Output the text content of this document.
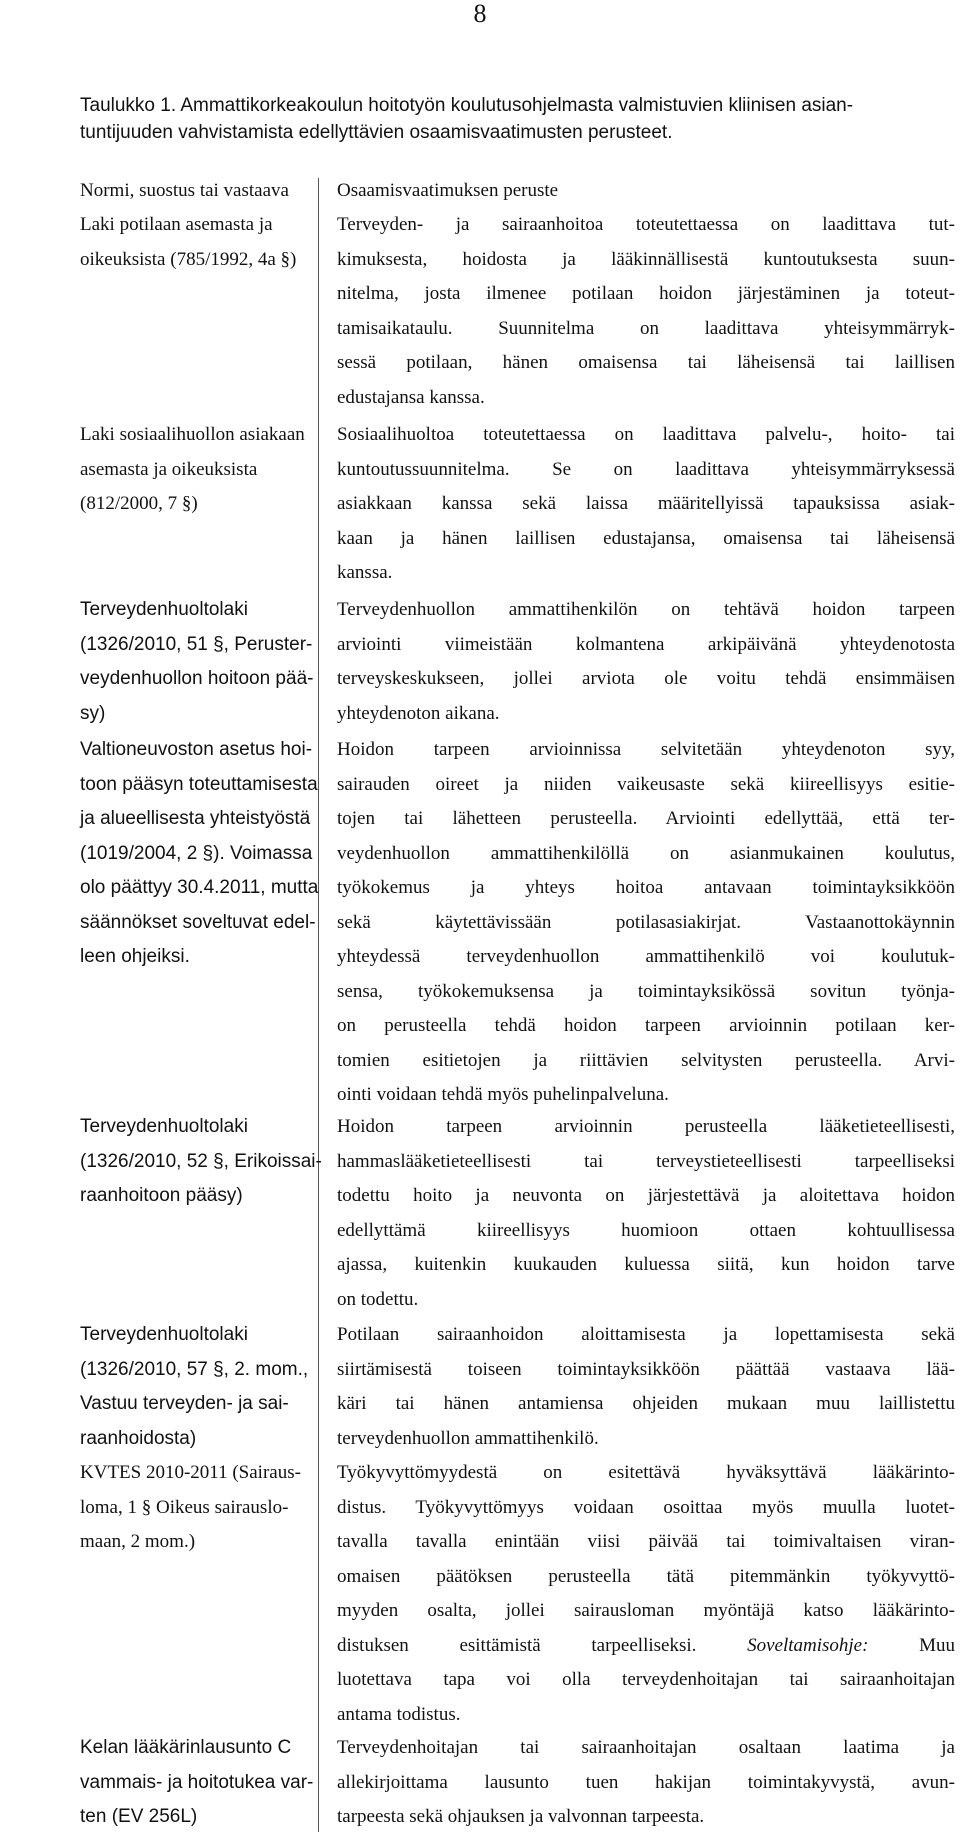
8
Taulukko 1. Ammattikorkeakoulun hoitotyön koulutusohjelmasta valmistuvien kliinisen asian-
tuntijuuden vahvistamista edellyttävien osaamisvaatimusten perusteet.
Normi, suostus tai vastaava	Osaamisvaatimuksen peruste
Laki potilaan asemasta ja
oikeuksista (785/1992, 4a §)
Terveyden- ja sairaanhoitoa toteutettaessa on laadittava tut-
kimuksesta, hoidosta ja lääkinnällisestä kuntoutuksesta suun-
nitelma, josta ilmenee potilaan hoidon järjestäminen ja toteut-
tamisaikataulu. Suunnitelma on laadittava yhteisymmärryk-
sessä potilaan, hänen omaisensa tai läheisensä tai laillisen
edustajansa kanssa.
Laki sosiaalihuollon asiakaan
asemasta ja oikeuksista
(812/2000, 7 §)
Sosiaalihuoltoa toteutettaessa on laadittava palvelu-, hoito- tai
kuntoutussuunnitelma. Se on laadittava yhteisymmärryksessä
asiakkaan kanssa sekä laissa määritellyissä tapauksissa asiak-
kaan ja hänen laillisen edustajansa, omaisensa tai läheisensä
kanssa.
Terveydenhuoltolaki
(1326/2010, 51 §, Peruster-
veydenhuollon hoitoon pää-
sy)
Terveydenhuollon ammattihenkilön on tehtävä hoidon tarpeen
arviointi viimeistään kolmantena arkipäivänä yhteydenotosta
terveyskeskukseen, jollei arviota ole voitu tehdä ensimmäisen
yhteydenoton aikana.
Valtioneuvoston asetus hoi-
toon pääsyn toteuttamisesta
ja alueellisesta yhteistyöstä
(1019/2004, 2 §). Voimassa
olo päättyy 30.4.2011, mutta
säännökset soveltuvat edel-
leen ohjeiksi.
Hoidon tarpeen arvioinnissa selvitetään yhteydenoton syy,
sairauden oireet ja niiden vaikeusaste sekä kiireellisyys esitie-
tojen tai lähetteen perusteella. Arviointi edellyttää, että ter-
veydenhuollon ammattihenkilöllä on asianmukainen koulutus,
työkokemus ja yhteys hoitoa antavaan toimintayksikköön
sekä käytettävissään potilasasiakirjat. Vastaanottokäynnin
yhteydessä terveydenhuollon ammattihenkilö voi koulutuk-
sensa, työkokemuksensa ja toimintayksikössä sovitun työnja-
on perusteella tehdä hoidon tarpeen arvioinnin potilaan ker-
tomien esitietojen ja riittävien selvitysten perusteella. Arvi-
ointi voidaan tehdä myös puhelinpalveluna.
Terveydenhuoltolaki
(1326/2010, 52 §, Erikoissai-
raanhoitoon pääsy)
Hoidon tarpeen arvioinnin perusteella lääketieteellisesti,
hammaslääketieteellisesti tai terveystieteellisesti tarpeelliseksi
todettu hoito ja neuvonta on järjestettävä ja aloitettava hoidon
edellyttämä kiireellisyys huomioon ottaen kohtuullisessa
ajassa, kuitenkin kuukauden kuluessa siitä, kun hoidon tarve
on todettu.
Terveydenhuoltolaki
(1326/2010, 57 §, 2. mom.,
Vastuu terveyden- ja sai-
raanhoidosta)
Potilaan sairaanhoidon aloittamisesta ja lopettamisesta sekä
siirtämisestä toiseen toimintayksikköön päättää vastaava lää-
käri tai hänen antamiensa ohjeiden mukaan muu laillistettu
terveydenhuollon ammattihenkilö.
KVTES 2010-2011 (Sairaus-
loma, 1 § Oikeus sairauslo-
maan, 2 mom.)
Työkyvyttömyydestä on esitettävä hyväksyttävä lääkärinto-
distus. Työkyvyttömyys voidaan osoittaa myös muulla luotet-
tavalla tavalla enintään viisi päivää tai toimivaltaisen viran-
omaisen päätöksen perusteella tätä pitemmänkin työkyvyttö-
myyden osalta, jollei sairausloman myöntäjä katso lääkärinto-
distuksen esittämistä tarpeelliseksi.	Soveltamisohje: Muu
luotettava tapa voi olla terveydenhoitajan tai sairaanhoitajan
antama todistus.
Kelan lääkärinlausunto C
vammais- ja hoitotukea var-
ten (EV 256L)
Terveydenhoitajan tai sairaanhoitajan osaltaan laatima ja
allekirjoittama lausunto tuen hakijan toimintakyvystä, avun-
tarpeesta sekä ohjauksen ja valvonnan tarpeesta.
